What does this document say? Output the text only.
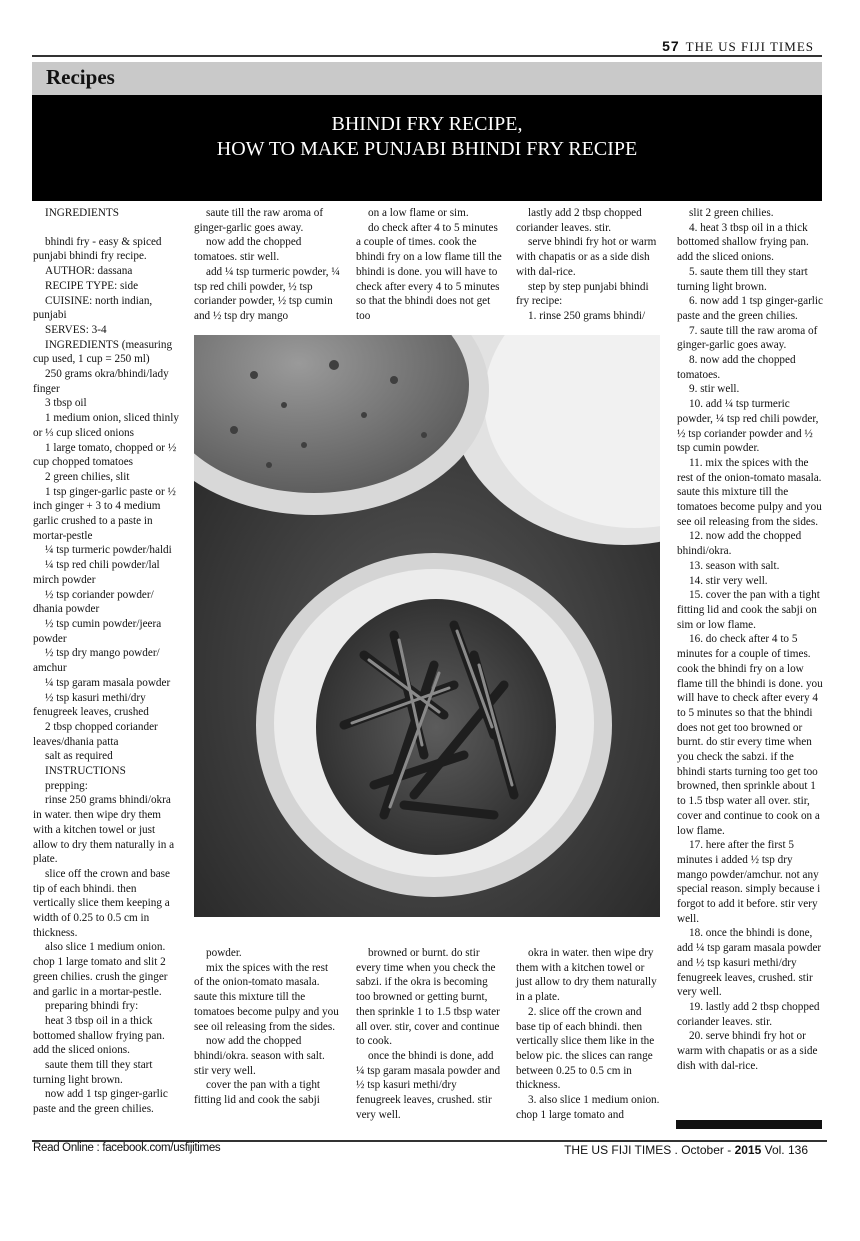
57 THE US FIJI TIMES
Recipes
BHINDI FRY RECIPE,
HOW TO MAKE PUNJABI BHINDI FRY RECIPE

INGREDIENTS

bhindi fry - easy & spiced punjabi bhindi fry recipe.

AUTHOR: dassana

RECIPE TYPE: side

CUISINE: north indian, punjabi

SERVES: 3-4

INGREDIENTS (measuring cup used, 1 cup = 250 ml)

250 grams okra/bhindi/lady finger

3 tbsp oil

1 medium onion, sliced thinly or ⅓ cup sliced onions

1 large tomato, chopped or ½ cup chopped tomatoes

2 green chilies, slit

1 tsp ginger-garlic paste or ½ inch ginger + 3 to 4 medium garlic crushed to a paste in mortar-pestle

¼ tsp turmeric powder/haldi

¼ tsp red chili powder/lal mirch powder

½ tsp coriander powder/ dhania powder

½ tsp cumin powder/jeera powder

½ tsp dry mango powder/ amchur

¼ tsp garam masala powder

½ tsp kasuri methi/dry fenugreek leaves, crushed

2 tbsp chopped coriander leaves/dhania patta

salt as required

INSTRUCTIONS

prepping:

rinse 250 grams bhindi/okra in water. then wipe dry them with a kitchen towel or just allow to dry them naturally in a plate.

slice off the crown and base tip of each bhindi. then vertically slice them keeping a width of 0.25 to 0.5 cm in thickness.

also slice 1 medium onion. chop 1 large tomato and slit 2 green chilies. crush the ginger and garlic in a mortar-pestle.

preparing bhindi fry:

heat 3 tbsp oil in a thick bottomed shallow frying pan. add the sliced onions.

saute them till they start turning light brown.

now add 1 tsp ginger-garlic paste and the green chilies.

saute till the raw aroma of ginger-garlic goes away.

now add the chopped tomatoes. stir well.

add ¼ tsp turmeric powder, ¼ tsp red chili powder, ½ tsp coriander powder, ½ tsp cumin and ½ tsp dry mango

on a low flame or sim.

do check after 4 to 5 minutes a couple of times. cook the bhindi fry on a low flame till the bhindi is done. you will have to check after every 4 to 5 minutes so that the bhindi does not get too

lastly add 2 tbsp chopped coriander leaves. stir.

serve bhindi fry hot or warm with chapatis or as a side dish with dal-rice.

step by step punjabi bhindi fry recipe:

1. rinse 250 grams bhindi/

slit 2 green chilies.

4. heat 3 tbsp oil in a thick bottomed shallow frying pan. add the sliced onions.

5. saute them till they start turning light brown.

6. now add 1 tsp ginger-garlic paste and the green chilies.

7. saute till the raw aroma of ginger-garlic goes away.

8. now add the chopped tomatoes.

9. stir well.

10. add ¼ tsp turmeric powder, ¼ tsp red chili powder, ½ tsp coriander powder and ½ tsp cumin powder.

11. mix the spices with the rest of the onion-tomato masala. saute this mixture till the tomatoes become pulpy and you see oil releasing from the sides.

12. now add the chopped bhindi/okra.

13. season with salt.

14. stir very well.

15. cover the pan with a tight fitting lid and cook the sabji on sim or low flame.

16. do check after 4 to 5 minutes for a couple of times. cook the bhindi fry on a low flame till the bhindi is done. you will have to check after every 4 to 5 minutes so that the bhindi does not get too browned or burnt. do stir every time when you check the sabzi. if the bhindi starts turning too get too browned, then sprinkle about 1 to 1.5 tbsp water all over. stir, cover and continue to cook on a low flame.

17. here after the first 5 minutes i added ½ tsp dry mango powder/amchur. not any special reason. simply because i forgot to add it before. stir very well.

18. once the bhindi is done, add ¼ tsp garam masala powder and ½ tsp kasuri methi/dry fenugreek leaves, crushed. stir very well.

19. lastly add 2 tbsp chopped coriander leaves. stir.

20. serve bhindi fry hot or warm with chapatis or as a side dish with dal-rice.

powder.

mix the spices with the rest of the onion-tomato masala. saute this mixture till the tomatoes become pulpy and you see oil releasing from the sides.

now add the chopped bhindi/okra. season with salt. stir very well.

cover the pan with a tight fitting lid and cook the sabji

browned or burnt. do stir every time when you check the sabzi. if the okra is becoming too browned or getting burnt, then sprinkle 1 to 1.5 tbsp water all over. stir, cover and continue to cook.

once the bhindi is done, add ¼ tsp garam masala powder and ½ tsp kasuri methi/dry fenugreek leaves, crushed. stir very well.

okra in water. then wipe dry them with a kitchen towel or just allow to dry them naturally in a plate.

2. slice off the crown and base tip of each bhindi. then vertically slice them like in the below pic. the slices can range between 0.25 to 0.5 cm in thickness.

3. also slice 1 medium onion. chop 1 large tomato and

Read Online : facebook.com/usfijitimes	THE US FIJI TIMES . October - 2015 Vol. 136
